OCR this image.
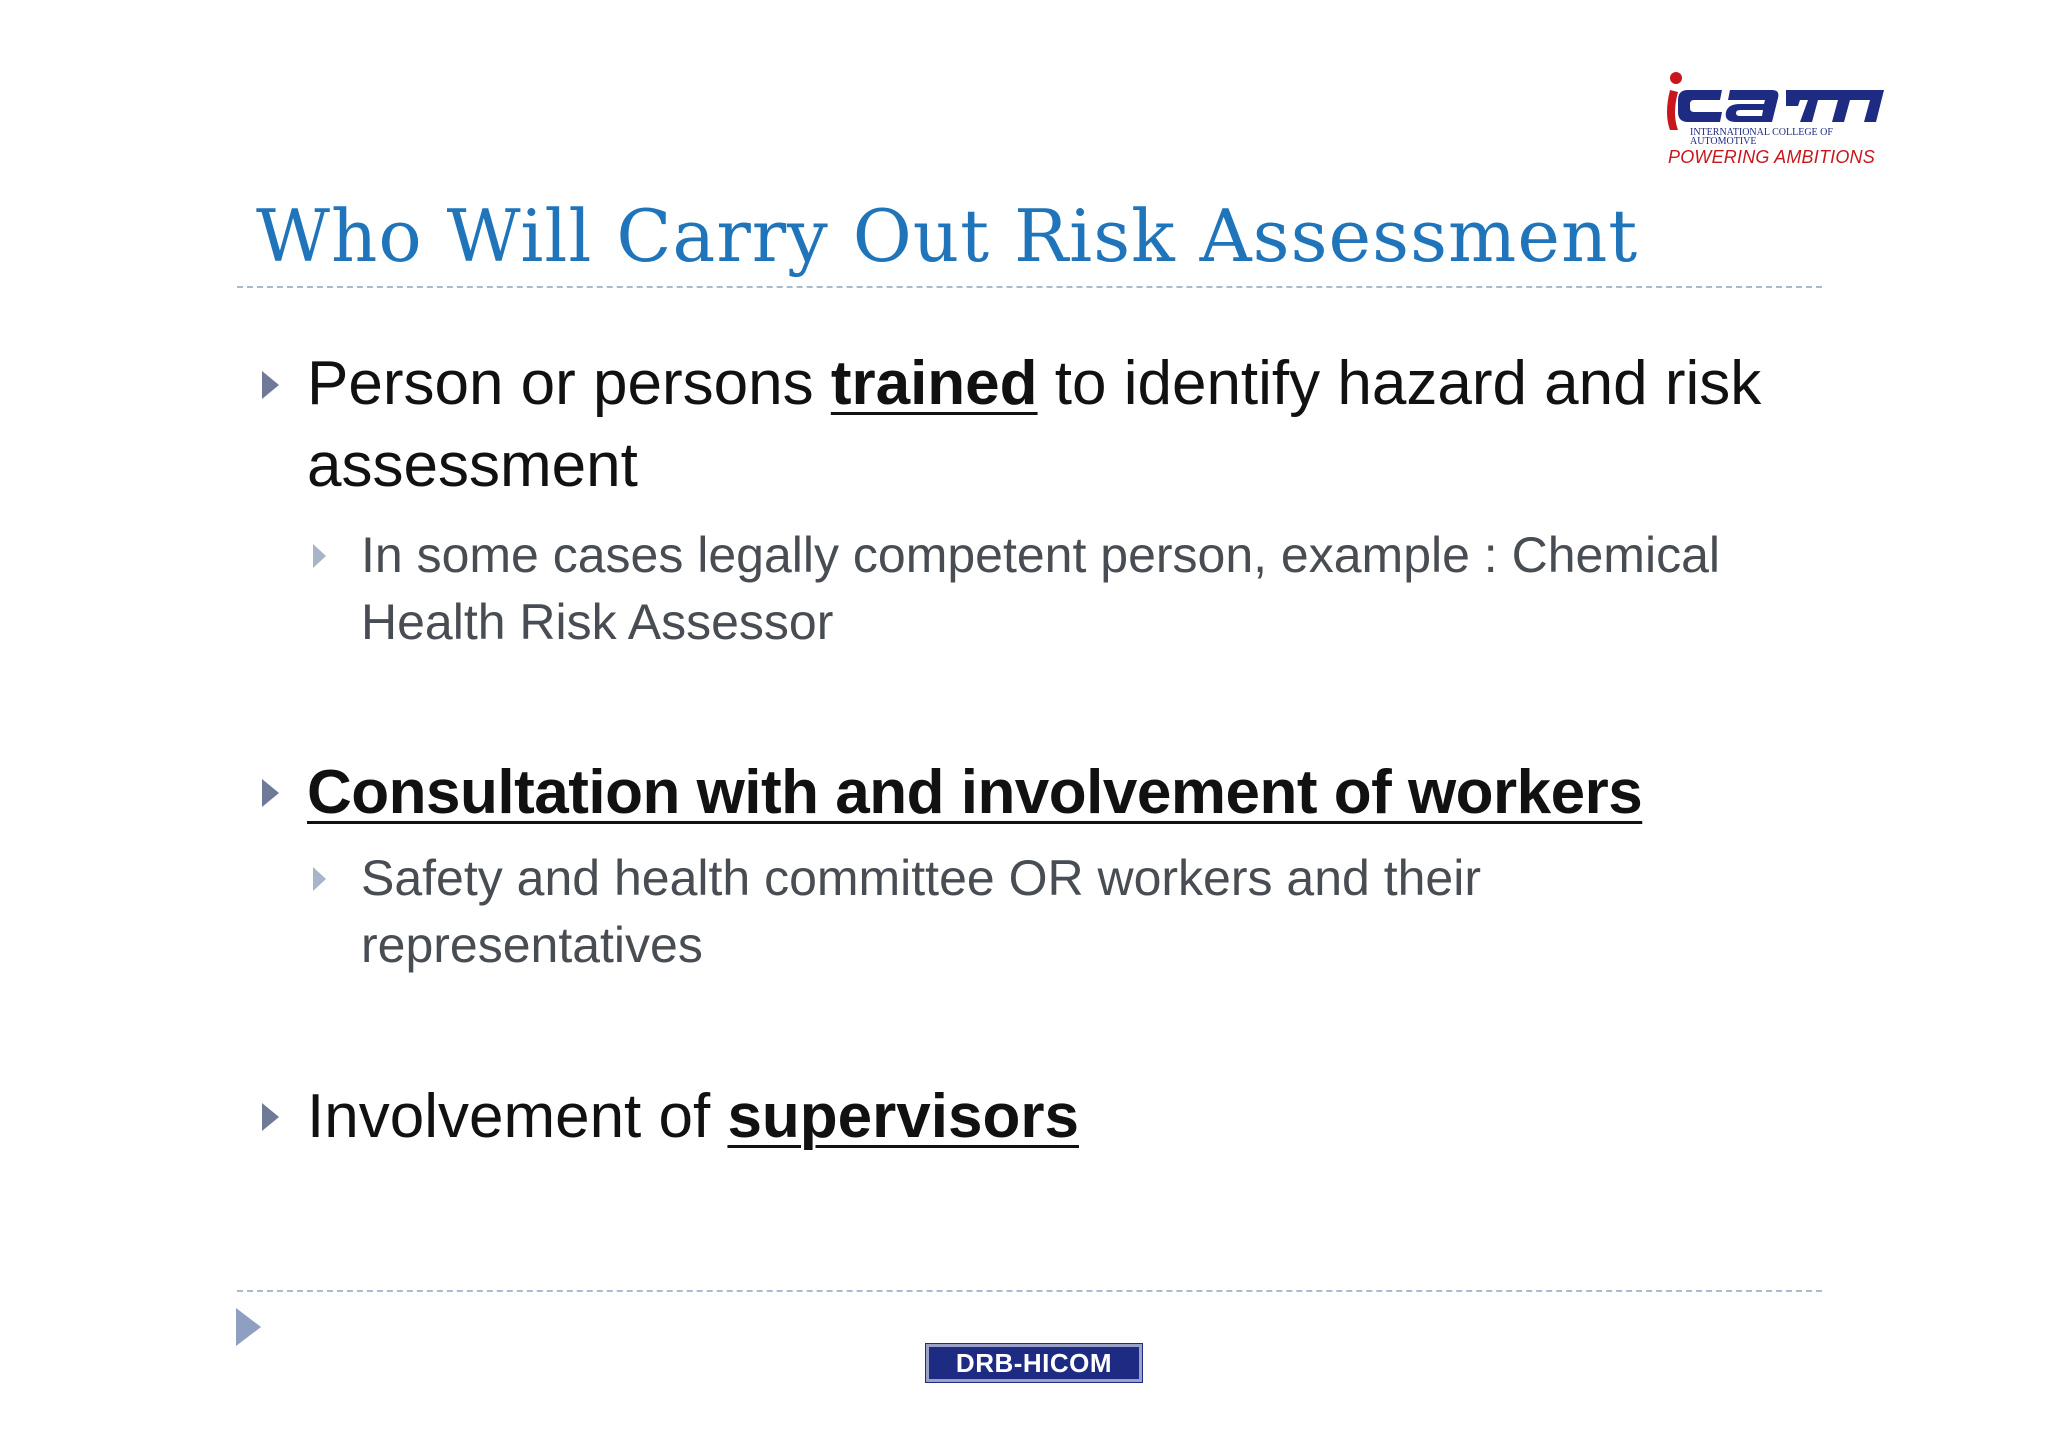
INTERNATIONAL COLLEGE OF
AUTOMOTIVE
POWERING AMBITIONS
Who Will Carry Out Risk Assessment
Person or persons trained to identify hazard and risk assessment
In some cases legally competent person, example : Chemical Health Risk Assessor
Consultation with and involvement of workers
Safety and health committee OR workers and their representatives
Involvement of supervisors
DRB-HICOM
